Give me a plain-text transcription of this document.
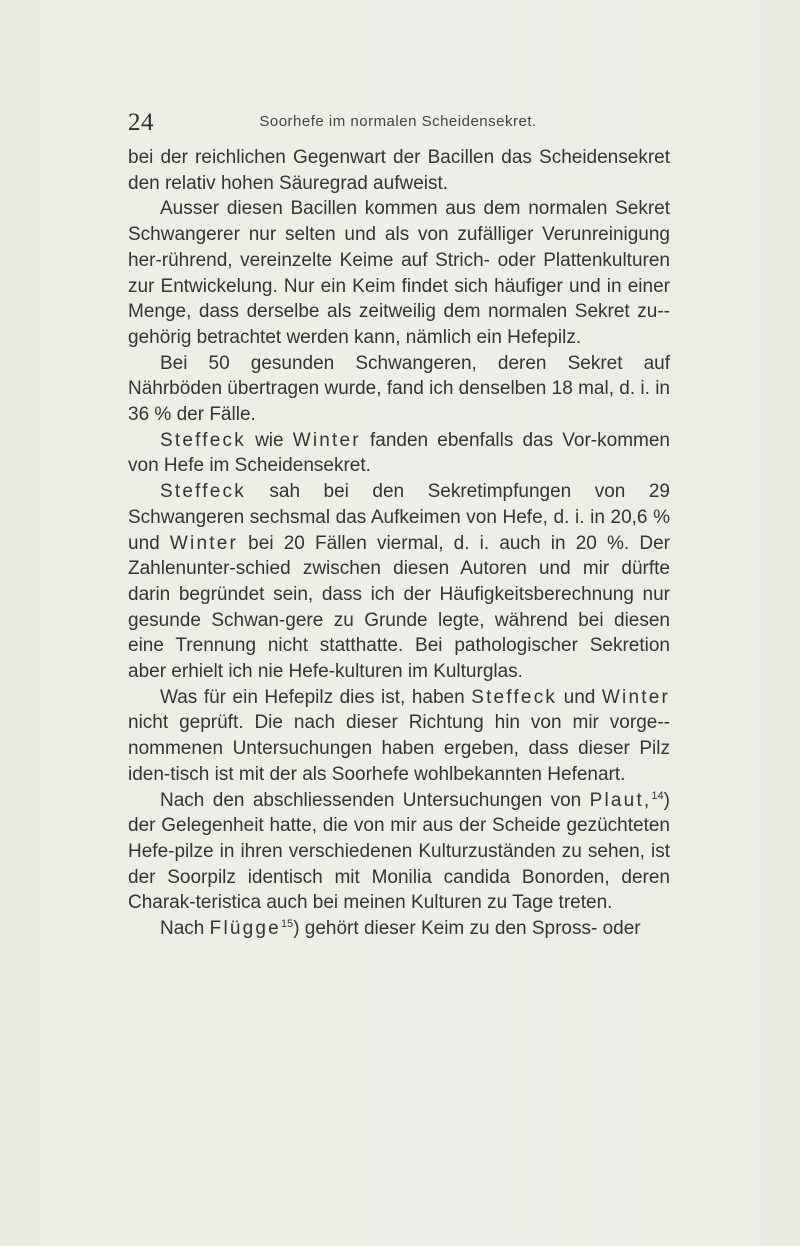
24	Soorhefe im normalen Scheidensekret.

bei der reichlichen Gegenwart der Bacillen das Scheidensekret den relativ hohen Säuregrad aufweist.

Ausser diesen Bacillen kommen aus dem normalen Sekret Schwangerer nur selten und als von zufälliger Verunreinigung her-rührend, vereinzelte Keime auf Strich- oder Plattenkulturen zur Entwickelung. Nur ein Keim findet sich häufiger und in einer Menge, dass derselbe als zeitweilig dem normalen Sekret zu-gehörig betrachtet werden kann, nämlich ein Hefepilz.

Bei 50 gesunden Schwangeren, deren Sekret auf Nährböden übertragen wurde, fand ich denselben 18 mal, d. i. in 36 % der Fälle.

Steffeck wie Winter fanden ebenfalls das Vor-kommen von Hefe im Scheidensekret.

Steffeck sah bei den Sekretimpfungen von 29 Schwangeren sechsmal das Aufkeimen von Hefe, d. i. in 20,6 % und Winter bei 20 Fällen viermal, d. i. auch in 20 %. Der Zahlenunter-schied zwischen diesen Autoren und mir dürfte darin begründet sein, dass ich der Häufigkeitsberechnung nur gesunde Schwan-gere zu Grunde legte, während bei diesen eine Trennung nicht statthatte. Bei pathologischer Sekretion aber erhielt ich nie Hefe-kulturen im Kulturglas.

Was für ein Hefepilz dies ist, haben Steffeck und Winter nicht geprüft. Die nach dieser Richtung hin von mir vorge-nommenen Untersuchungen haben ergeben, dass dieser Pilz iden-tisch ist mit der als Soorhefe wohlbekannten Hefenart.

Nach den abschliessenden Untersuchungen von Plaut,$^{14}$) der Gelegenheit hatte, die von mir aus der Scheide gezüchteten Hefe-pilze in ihren verschiedenen Kulturzuständen zu sehen, ist der Soorpilz identisch mit Monilia candida Bonorden, deren Charak-teristica auch bei meinen Kulturen zu Tage treten.

Nach Flügge$^{15}$) gehört dieser Keim zu den Spross- oder
